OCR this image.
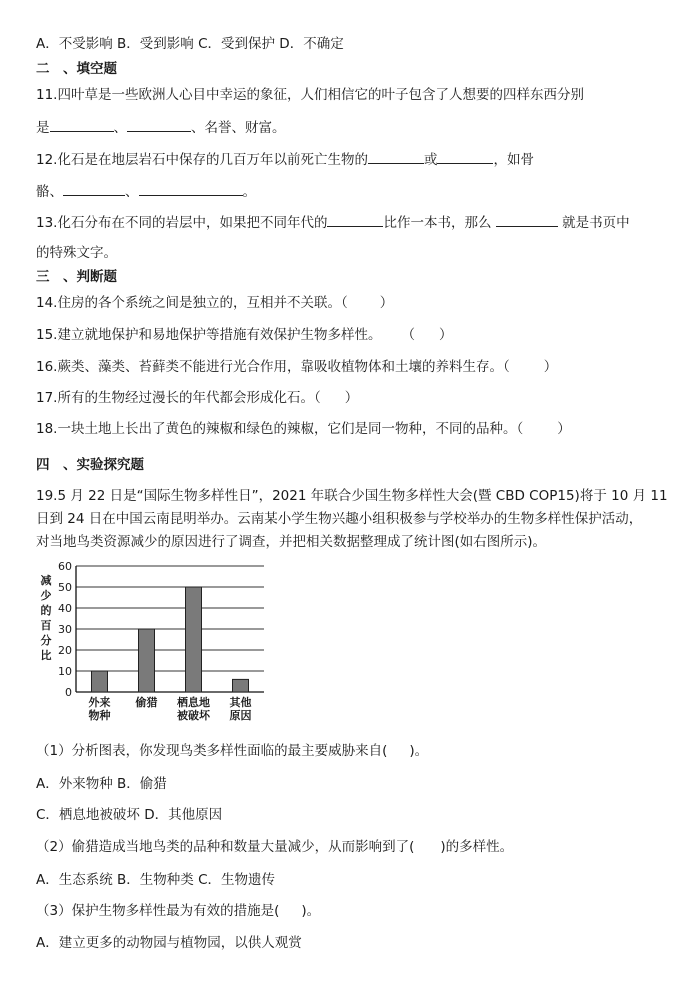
A．不受影响 B．受到影响 C．受到保护 D．不确定
二　、填空题
11.四叶草是一些欧洲人心目中幸运的象征，人们相信它的叶子包含了人想要的四样东西分别
是	、	、名誉、财富。
12.化石是在地层岩石中保存的几百万年以前死亡生物的	或	，如骨
骼、	、	。
13.化石分布在不同的岩层中，如果把不同年代的	比作一本书，那么	就是书页中
的特殊文字。
三　、判断题
14.住房的各个系统之间是独立的，互相并不关联。（ ）
15.建立就地保护和易地保护等措施有效保护生物多样性。 （ ）
16.蕨类、藻类、苔藓类不能进行光合作用，靠吸收植物体和土壤的养料生存。（	）
17.所有的生物经过漫长的年代都会形成化石。（ ）
18.一块土地上长出了黄色的辣椒和绿色的辣椒，它们是同一物种，不同的品种。（	）
四　、实验探究题
19.5 月 22 日是“国际生物多样性日”，2021 年联合少国生物多样性大会(暨 CBD COP15)将于 10 月 11
日到 24 日在中国云南昆明举办。云南某小学生物兴趣小组积极参与学校举办的生物多样性保护活动，
对当地鸟类资源减少的原因进行了调查，并把相关数据整理成了统计图(如右图所示)。
（1）分析图表，你发现鸟类多样性面临的最主要威胁来自( )。
A．外来物种 B．偷猎
C．栖息地被破坏 D．其他原因
（2）偷猎造成当地鸟类的品种和数量大量减少，从而影响到了( )的多样性。
A．生态系统 B．生物种类 C．生物遗传
（3）保护生物多样性最为有效的措施是( )。
A．建立更多的动物园与植物园，以供人观赏
0
10
20
30
40
50
60
减
少
的
百
分
比
外来
物种
偷猎 栖息地
被破坏
其他
原因
